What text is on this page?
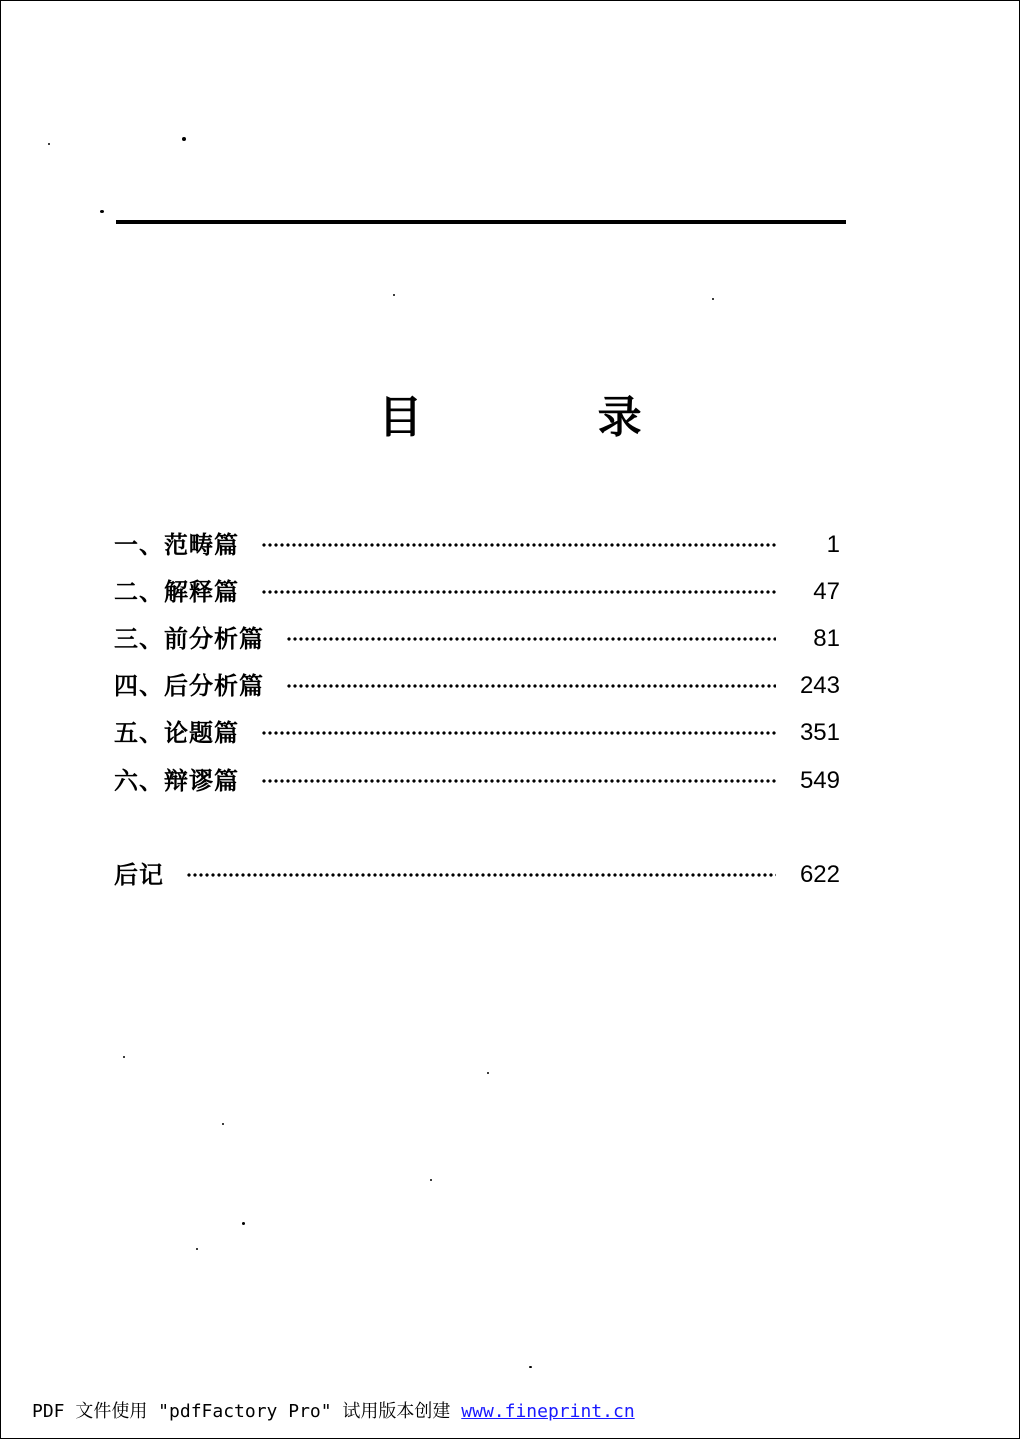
目 录
一、范畴篇	1
二、解释篇	47
三、前分析篇	81
四、后分析篇	243
五、论题篇	351
六、辩谬篇	549
后记	622
PDF 文件使用 "pdfFactory Pro" 试用版本创建 www.fineprint.cn
